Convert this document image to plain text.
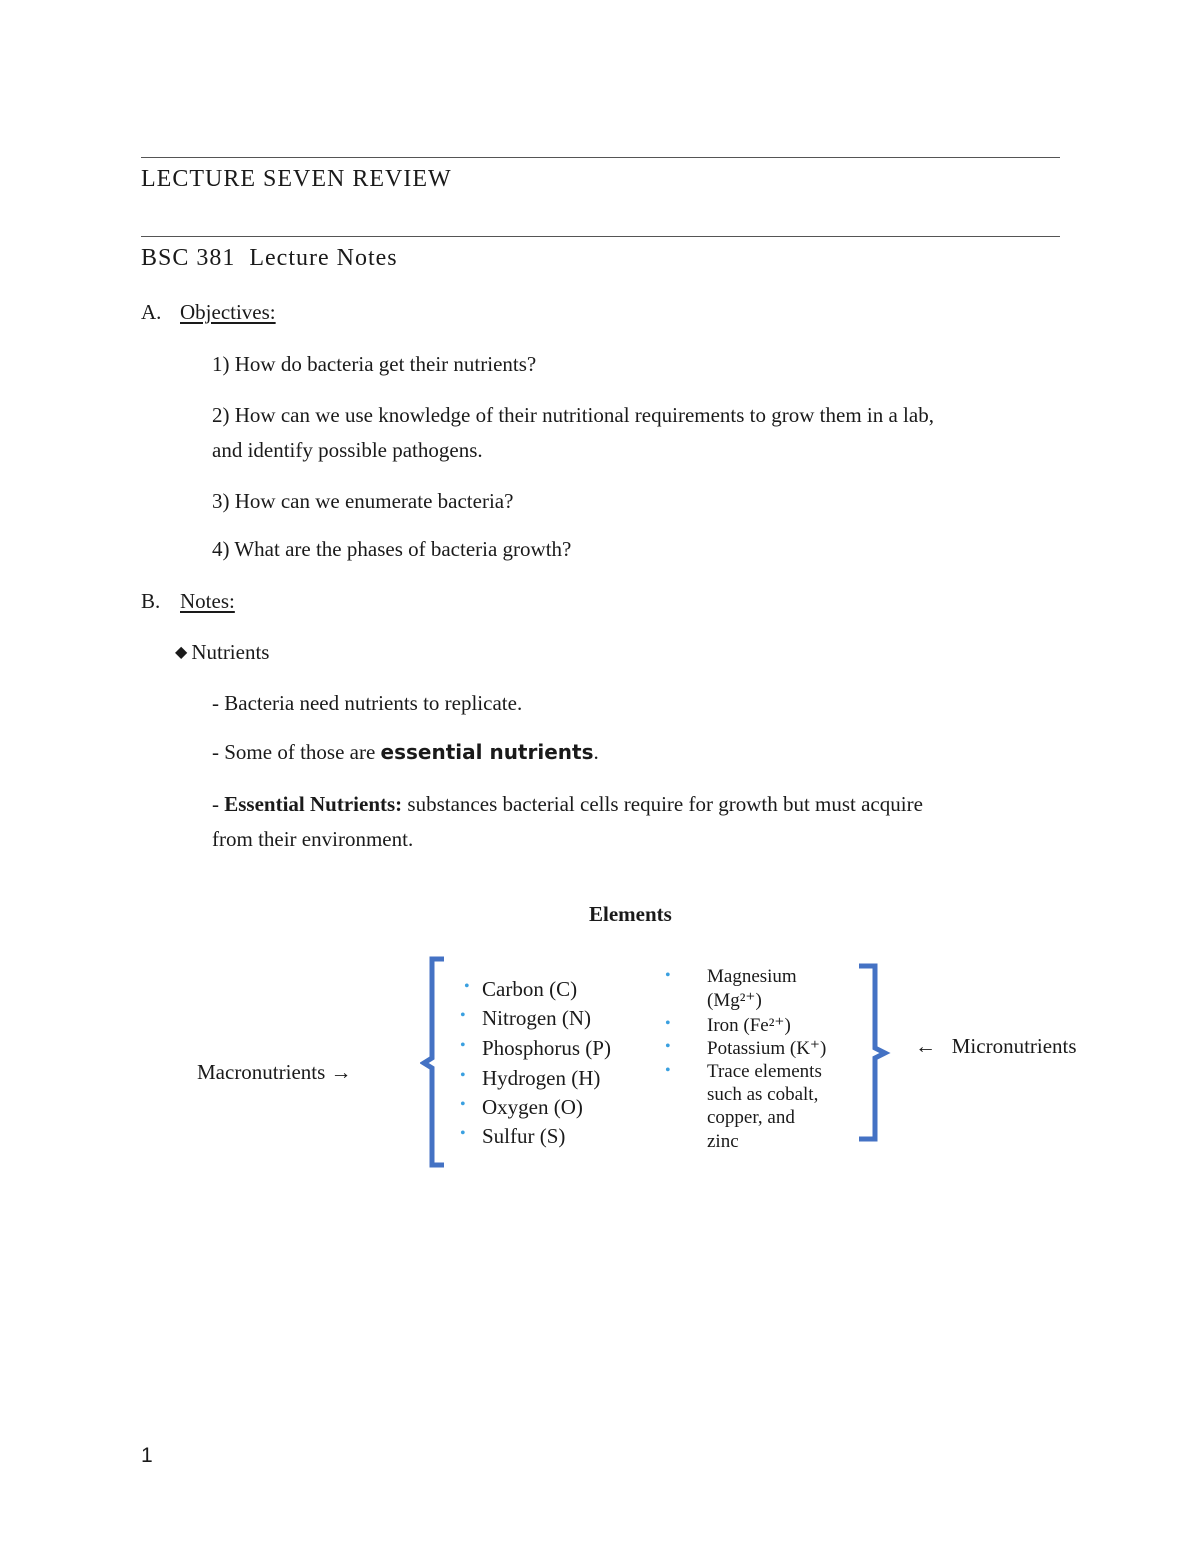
LECTURE SEVEN REVIEW
BSC 381  Lecture Notes
A. Objectives:
1) How do bacteria get their nutrients?
2) How can we use knowledge of their nutritional requirements to grow them in a lab,
and identify possible pathogens.
3) How can we enumerate bacteria?
4) What are the phases of bacteria growth?
B. Notes:
◆ Nutrients
- Bacteria need nutrients to replicate.
- Some of those are essential nutrients.
- Essential Nutrients: substances bacterial cells require for growth but must acquire
from their environment.
Elements
Macronutrients →
• Carbon (C)
• Nitrogen (N)
• Phosphorus (P)
• Hydrogen (H)
• Oxygen (O)
• Sulfur (S)
• Magnesium
(Mg²⁺)
• Iron (Fe²⁺)
• Potassium (K⁺)
• Trace elements
such as cobalt,
copper, and
zinc
←   Micronutrients
1
